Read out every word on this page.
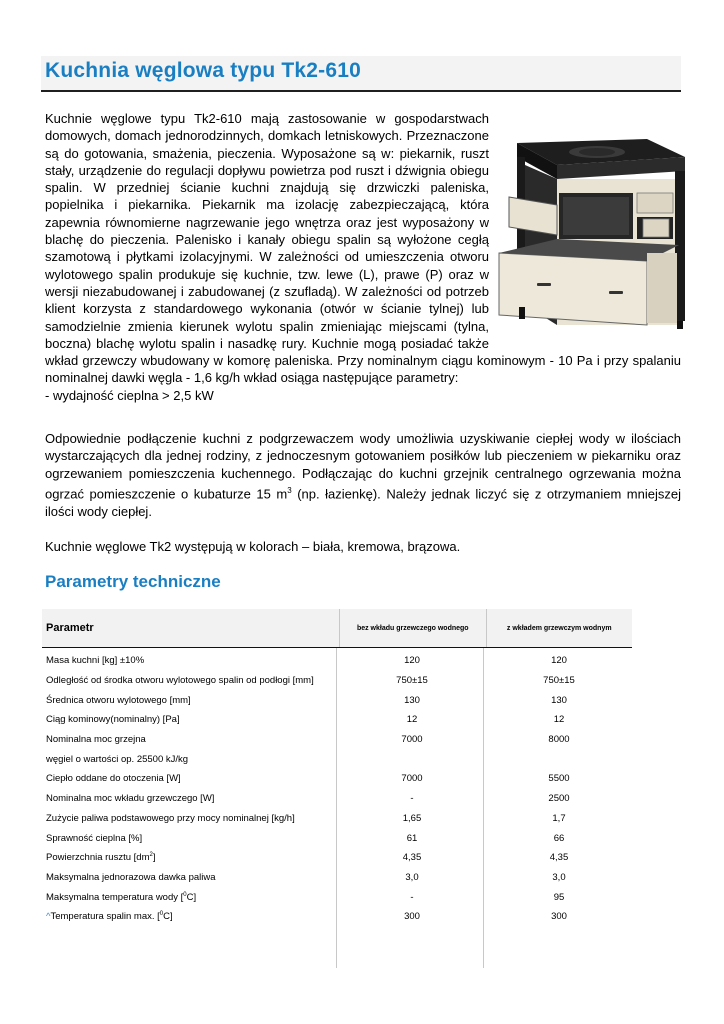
Kuchnia węglowa typu Tk2-610

Kuchnie węglowe typu Tk2-610 mają zastosowanie w gospodarstwach domowych, domach jednorodzinnych, domkach letniskowych. Przeznaczone są do gotowania, smażenia, pieczenia. Wyposażone są w: piekarnik, ruszt stały, urządzenie do regulacji dopływu powietrza pod ruszt i dźwignia obiegu spalin. W przedniej ścianie kuchni znajdują się drzwiczki paleniska, popielnika i piekarnika. Piekarnik ma izolację zabezpieczającą, która zapewnia równomierne nagrzewanie jego wnętrza oraz jest wyposażony w blachę do pieczenia. Palenisko i kanały obiegu spalin są wyłożone cegłą szamotową i płytkami izolacyjnymi. W zależności od umieszczenia otworu wylotowego spalin produkuje się kuchnie, tzw. lewe (L), prawe (P) oraz w wersji niezabudowanej i zabudowanej (z szufladą). W zależności od potrzeb klient korzysta z standardowego wykonania (otwór w ścianie tylnej) lub samodzielnie zmienia kierunek wylotu spalin zmieniając miejscami (tylna, boczna) blachę wylotu spalin i nasadkę rury. Kuchnie mogą posiadać także wkład grzewczy wbudowany w komorę paleniska. Przy nominalnym ciągu kominowym - 10 Pa i przy spalaniu nominalnej dawki węgla - 1,6 kg/h wkład osiąga następujące parametry:
- wydajność cieplna > 2,5 kW

Odpowiednie podłączenie kuchni z podgrzewaczem wody umożliwia uzyskiwanie ciepłej wody w ilościach wystarczających dla jednej rodziny, z jednoczesnym gotowaniem posiłków lub pieczeniem w piekarniku oraz ogrzewaniem pomieszczenia kuchennego. Podłączając do kuchni grzejnik centralnego ogrzewania można ogrzać pomieszczenie o kubaturze 15 $m^3$ (np. łazienkę). Należy jednak liczyć się z otrzymaniem mniejszej ilości wody ciepłej.

Kuchnie węglowe Tk2 występują w kolorach – biała, kremowa, brązowa.

Parametry techniczne
Parametr	bez wkładu grzewczego wodnego	z wkładem grzewczym wodnym
Masa kuchni [kg] ±10%	120	120
Odległość od środka otworu wylotowego spalin od podłogi [mm]	750±15	750±15
Średnica otworu wylotowego [mm]	130	130
Ciąg kominowy(nominalny) [Pa]	12	12
Nominalna moc grzejna	7000	8000
węgiel o wartości op. 25500 kJ/kg
Ciepło oddane do otoczenia [W]	7000	5500
Nominalna moc wkładu grzewczego [W]	-	2500
Zużycie paliwa podstawowego przy mocy nominalnej [kg/h]	1,65	1,7
Sprawność cieplna [%]	61	66
Powierzchnia rusztu $[dm^2]$	4,35	4,35
Maksymalna jednorazowa dawka paliwa	3,0	3,0
Maksymalna temperatura wody [$^0$C]	-	95
^Temperatura spalin max. [$^0$C]	300	300
